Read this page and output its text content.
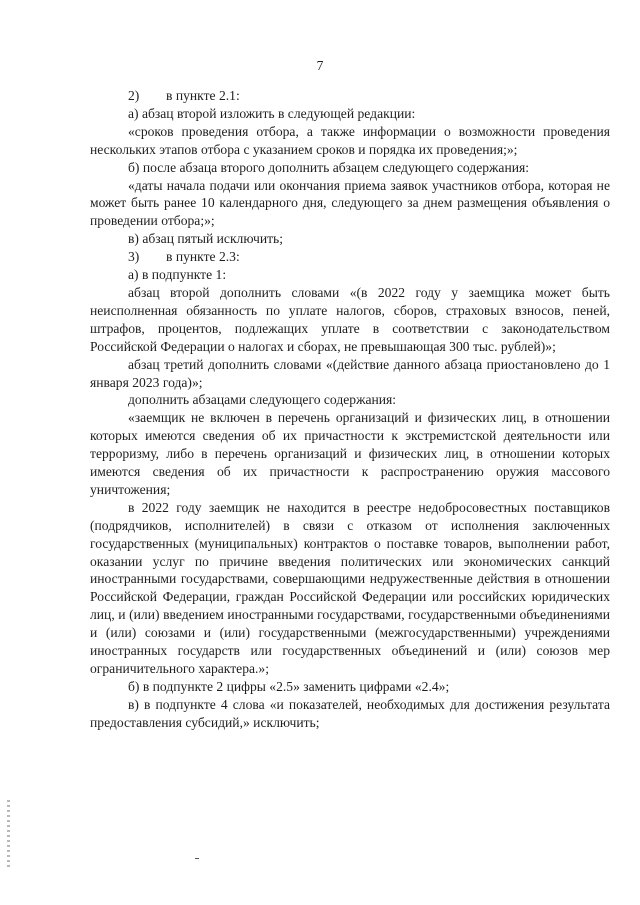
7

2) в пункте 2.1:

а) абзац второй изложить в следующей редакции:

«сроков проведения отбора, а также информации о возможности проведения нескольких этапов отбора с указанием сроков и порядка их проведения;»;

б) после абзаца второго дополнить абзацем следующего содержания:

«даты начала подачи или окончания приема заявок участников отбора, которая не может быть ранее 10 календарного дня, следующего за днем размещения объявления о проведении отбора;»;

в) абзац пятый исключить;

3) в пункте 2.3:

а) в подпункте 1:

абзац второй дополнить словами «(в 2022 году у заемщика может быть неисполненная обязанность по уплате налогов, сборов, страховых взносов, пеней, штрафов, процентов, подлежащих уплате в соответствии с законодательством Российской Федерации о налогах и сборах, не превышающая 300 тыс. рублей)»;

абзац третий дополнить словами «(действие данного абзаца приостановлено до 1 января 2023 года)»;

дополнить абзацами следующего содержания:

«заемщик не включен в перечень организаций и физических лиц, в отношении которых имеются сведения об их причастности к экстремистской деятельности или терроризму, либо в перечень организаций и физических лиц, в отношении которых имеются сведения об их причастности к распространению оружия массового уничтожения;

в 2022 году заемщик не находится в реестре недобросовестных поставщиков (подрядчиков, исполнителей) в связи с отказом от исполнения заключенных государственных (муниципальных) контрактов о поставке товаров, выполнении работ, оказании услуг по причине введения политических или экономических санкций иностранными государствами, совершающими недружественные действия в отношении Российской Федерации, граждан Российской Федерации или российских юридических лиц, и (или) введением иностранными государствами, государственными объединениями и (или) союзами и (или) государственными (межгосударственными) учреждениями иностранных государств или государственных объединений и (или) союзов мер ограничительного характера.»;

б) в подпункте 2 цифры «2.5» заменить цифрами «2.4»;

в) в подпункте 4 слова «и показателей, необходимых для достижения результата предоставления субсидий,» исключить;
